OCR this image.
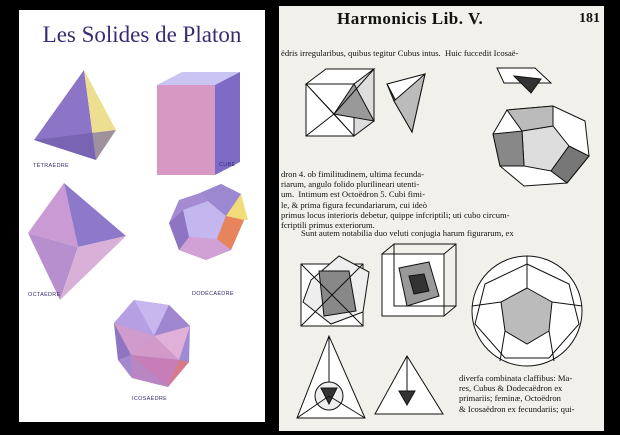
Les Solides de Platon
TÉTRAÈDRE	CUBE
OCTAÈDRE	DODÉCAÈDRE
ICOSAÈDRE
Harmonicis Lib. V.	181
ëdris irregularibus, quibus tegitur Cubus intus.  Huic fuccedit Icosaë-
dron 4. ob fimilitudinem, ultima fecunda-
riarum, angulo folido plurilineari utenti-
um.  Intimum est Octoëdron 5. Cubi fimi-
le, & prima figura fecundariarum, cui ideò
primus locus interioris debetur, quippe infcriptili; uti cubo circum-
fcriptili primus exteriorum.
Sunt autem notabilia duo veluti conjugia harum figurarum, ex
diverfa combinata claffibus: Ma-
res, Cubus & Dodecaëdron ex
primariis; feminæ, Octoëdron
& Icosaëdron ex fecundariis; qui-
